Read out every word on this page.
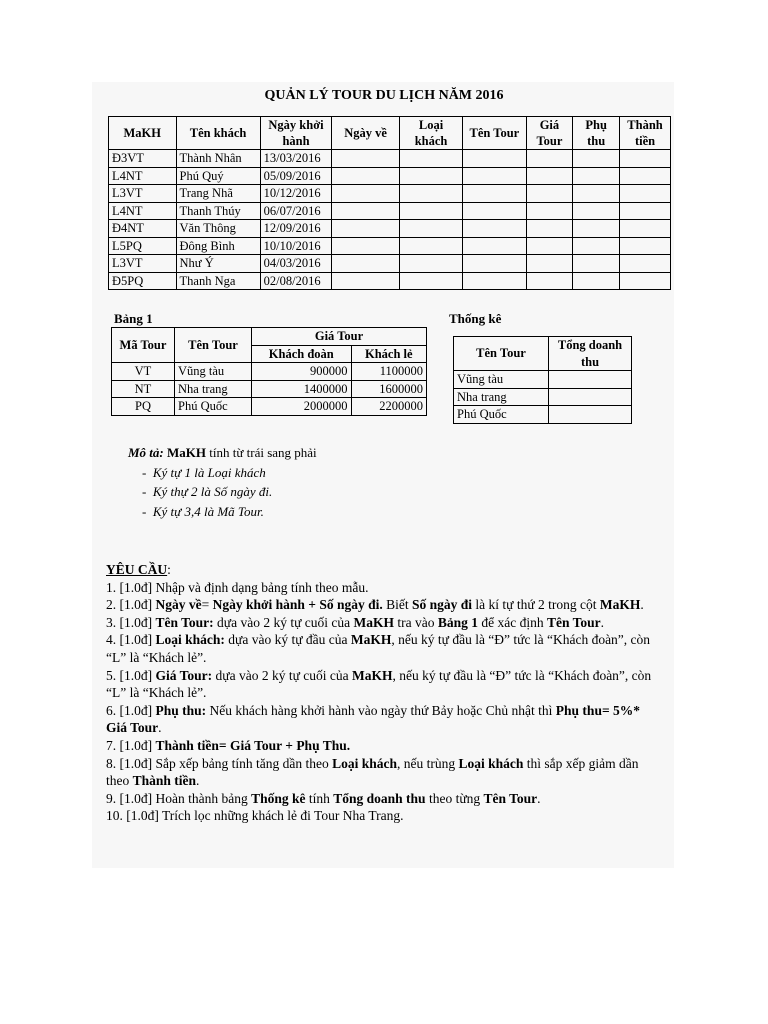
QUẢN LÝ TOUR DU LỊCH NĂM 2016
MaKH	Tên khách	Ngày khởi hành	Ngày về	Loại khách	Tên Tour	Giá Tour	Phụ thu	Thành tiền
Đ3VT	Thành Nhân	13/03/2016						
L4NT	Phú Quý	05/09/2016						
L3VT	Trang Nhã	10/12/2016						
L4NT	Thanh Thúy	06/07/2016						
Đ4NT	Văn Thông	12/09/2016						
L5PQ	Đông Bình	10/10/2016						
L3VT	Như Ý	04/03/2016						
Đ5PQ	Thanh Nga	02/08/2016						
Bảng 1
Mã Tour	Tên Tour	Giá Tour	
		Khách đoàn	Khách lẻ
VT	Vũng tàu	900000	1100000
NT	Nha trang	1400000	1600000
PQ	Phú Quốc	2000000	2200000
Thống kê
Tên Tour	Tổng doanh thu
Vũng tàu	
Nha trang	
Phú Quốc	
Mô tả: MaKH tính từ trái sang phải
-  Ký tự 1 là Loại khách
-  Ký thự 2 là Số ngày đi.
-  Ký tự 3,4 là Mã Tour.

YÊU CẦU:

1. [1.0đ] Nhập và định dạng bảng tính theo mẫu.

2. [1.0đ] Ngày về= Ngày khởi hành + Số ngày đi. Biết Số ngày đi là kí tự thứ 2 trong cột MaKH.

3. [1.0đ] Tên Tour: dựa vào 2 ký tự cuối của MaKH tra vào Bảng 1 để xác định Tên Tour.

4. [1.0đ] Loại khách: dựa vào ký tự đầu của MaKH, nếu ký tự đầu là “Đ” tức là “Khách đoàn”, còn “L” là “Khách lẻ”.

5. [1.0đ] Giá Tour: dựa vào 2 ký tự cuối của MaKH, nếu ký tự đầu là “Đ” tức là “Khách đoàn”, còn “L” là “Khách lẻ”.

6. [1.0đ] Phụ thu: Nếu khách hàng khởi hành vào ngày thứ Bảy hoặc Chủ nhật thì Phụ thu= 5%* Giá Tour.

7. [1.0đ] Thành tiền= Giá Tour + Phụ Thu.

8. [1.0đ] Sắp xếp bảng tính tăng dần theo Loại khách, nếu trùng Loại khách thì sắp xếp giảm dần theo Thành tiền.

9. [1.0đ] Hoàn thành bảng Thống kê tính Tổng doanh thu theo từng Tên Tour.

10. [1.0đ] Trích lọc những khách lẻ đi Tour Nha Trang.
